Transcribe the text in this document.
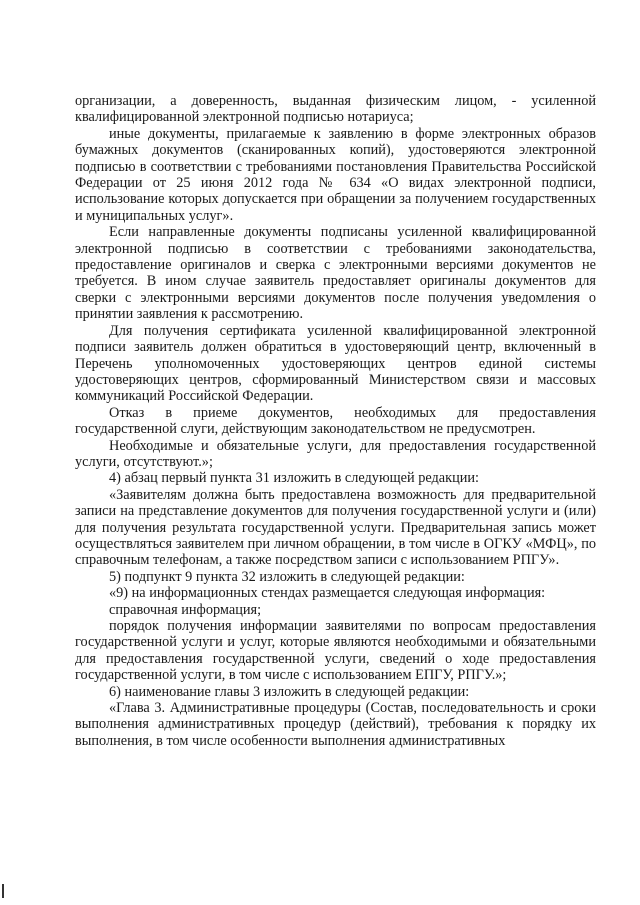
организации, а доверенность, выданная физическим лицом, - усиленной квалифицированной электронной подписью нотариуса;

иные документы, прилагаемые к заявлению в форме электронных образов бумажных документов (сканированных копий), удостоверяются электронной подписью в соответствии с требованиями постановления Правительства Российской Федерации от 25 июня 2012 года № 634 «О видах электронной подписи, использование которых допускается при обращении за получением государственных и муниципальных услуг».

Если направленные документы подписаны усиленной квалифицированной электронной подписью в соответствии с требованиями законодательства, предоставление оригиналов и сверка с электронными версиями документов не требуется. В ином случае заявитель предоставляет оригиналы документов для сверки с электронными версиями документов после получения уведомления о принятии заявления к рассмотрению.

Для получения сертификата усиленной квалифицированной электронной подписи заявитель должен обратиться в удостоверяющий центр, включенный в Перечень уполномоченных удостоверяющих центров единой системы удостоверяющих центров, сформированный Министерством связи и массовых коммуникаций Российской Федерации.

Отказ в приеме документов, необходимых для предоставления государственной слуги, действующим законодательством не предусмотрен.

Необходимые и обязательные услуги, для предоставления государственной услуги, отсутствуют.»;

4) абзац первый пункта 31 изложить в следующей редакции:

«Заявителям должна быть предоставлена возможность для предварительной записи на представление документов для получения государственной услуги и (или) для получения результата государственной услуги. Предварительная запись может осуществляться заявителем при личном обращении, в том числе в ОГКУ «МФЦ», по справочным телефонам, а также посредством записи с использованием РПГУ».

5) подпункт 9 пункта 32 изложить в следующей редакции:

«9) на информационных стендах размещается следующая информация:

справочная информация;

порядок получения информации заявителями по вопросам предоставления государственной услуги и услуг, которые являются необходимыми и обязательными для предоставления государственной услуги, сведений о ходе предоставления государственной услуги, в том числе с использованием ЕПГУ, РПГУ.»;

6) наименование главы 3 изложить в следующей редакции:

«Глава 3. Административные процедуры (Состав, последовательность и сроки выполнения административных процедур (действий), требования к порядку их выполнения, в том числе особенности выполнения административных
